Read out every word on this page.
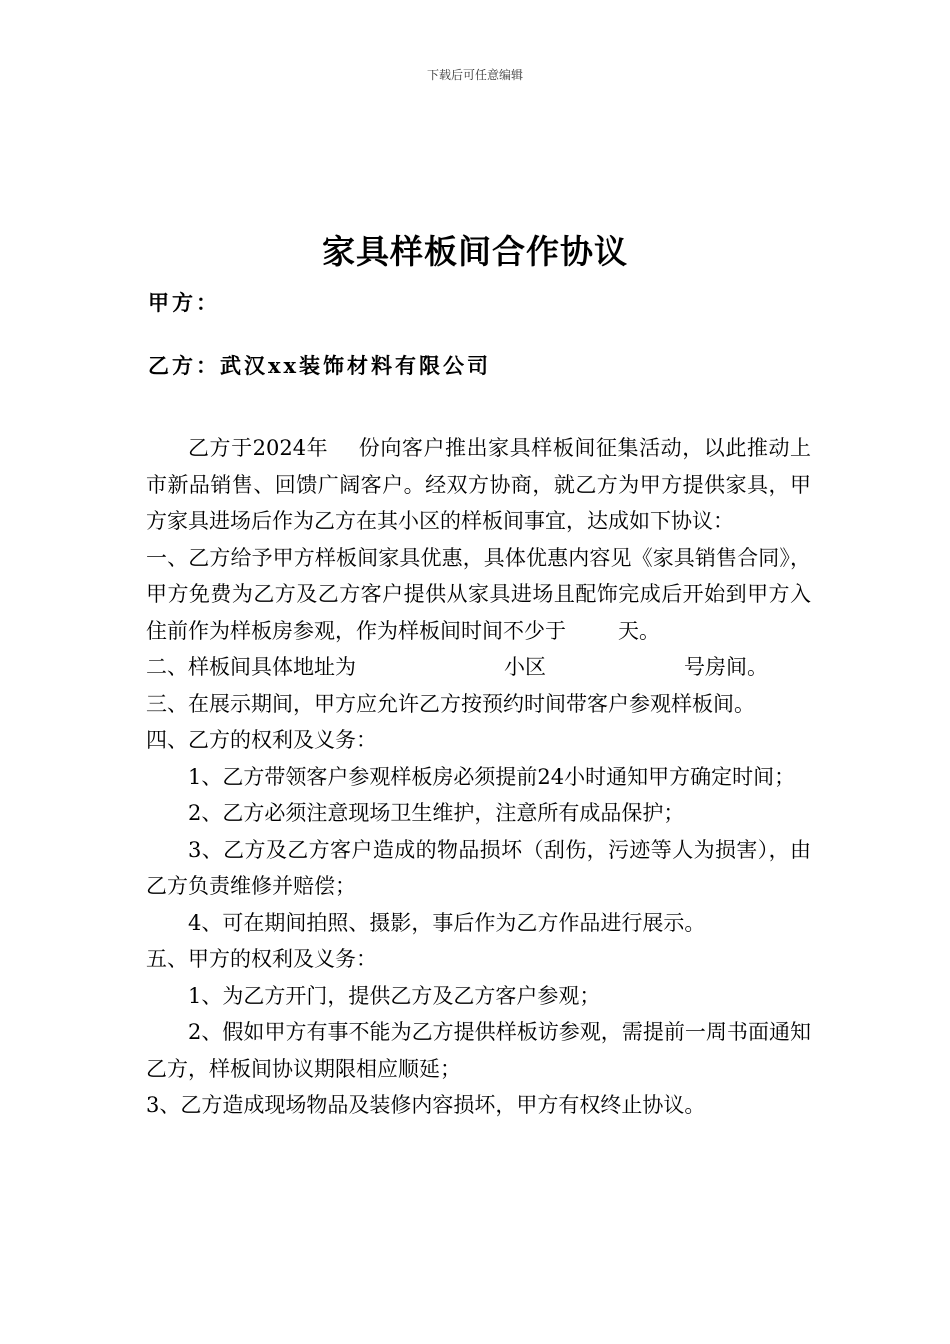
下载后可任意编辑
家具样板间合作协议
甲方：
乙方：武汉xx装饰材料有限公司

乙方于2024年 份向客户推出家具样板间征集活动，以此推动上市新品销售、回馈广阔客户。经双方协商，就乙方为甲方提供家具，甲方家具进场后作为乙方在其小区的样板间事宜，达成如下协议：

一、乙方给予甲方样板间家具优惠，具体优惠内容见《家具销售合同》，甲方免费为乙方及乙方客户提供从家具进场且配饰完成后开始到甲方入住前作为样板房参观，作为样板间时间不少于 天。

二、样板间具体地址为	小区	号房间。

三、在展示期间，甲方应允许乙方按预约时间带客户参观样板间。

四、乙方的权利及义务：

1、乙方带领客户参观样板房必须提前24小时通知甲方确定时间；

2、乙方必须注意现场卫生维护，注意所有成品保护；

3、乙方及乙方客户造成的物品损坏（刮伤，污迹等人为损害），由乙方负责维修并赔偿；

4、可在期间拍照、摄影，事后作为乙方作品进行展示。

五、甲方的权利及义务：

1、为乙方开门，提供乙方及乙方客户参观；

2、假如甲方有事不能为乙方提供样板访参观，需提前一周书面通知乙方，样板间协议期限相应顺延；

3、乙方造成现场物品及装修内容损坏，甲方有权终止协议。
